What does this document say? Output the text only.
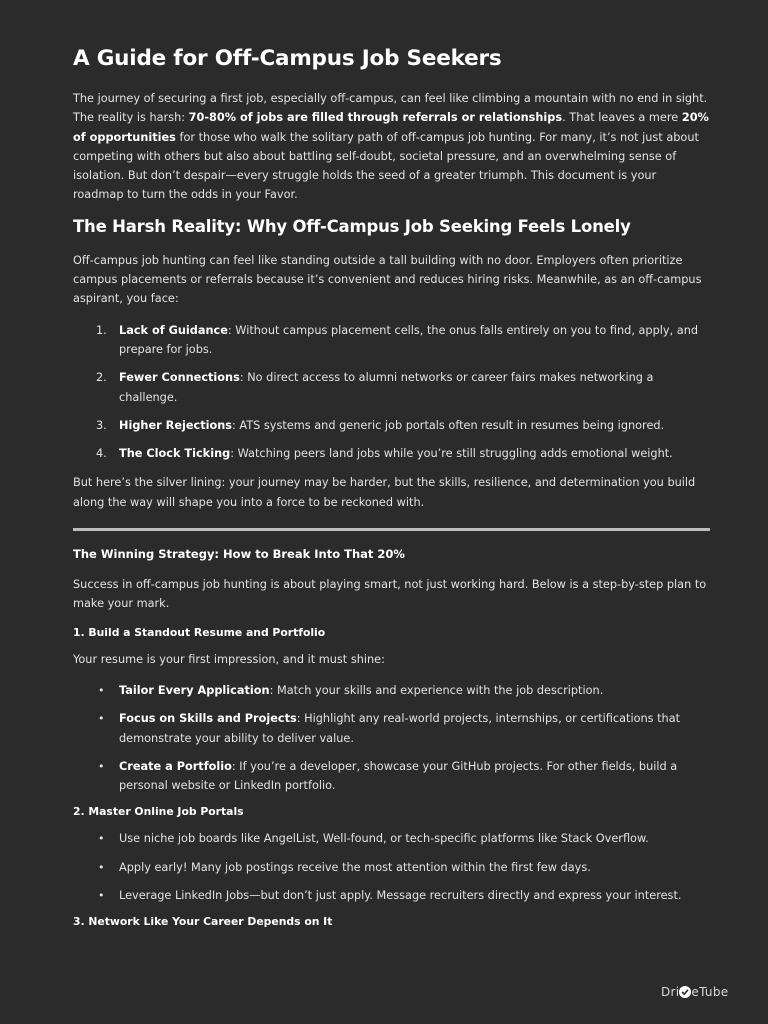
A Guide for Off-Campus Job Seekers

The journey of securing a first job, especially off-campus, can feel like climbing a mountain with no end in sight. The reality is harsh: 70-80% of jobs are filled through referrals or relationships. That leaves a mere 20% of opportunities for those who walk the solitary path of off-campus job hunting. For many, it’s not just about competing with others but also about battling self-doubt, societal pressure, and an overwhelming sense of isolation. But don’t despair—every struggle holds the seed of a greater triumph. This document is your roadmap to turn the odds in your Favor.

The Harsh Reality: Why Off-Campus Job Seeking Feels Lonely

Off-campus job hunting can feel like standing outside a tall building with no door. Employers often prioritize campus placements or referrals because it’s convenient and reduces hiring risks. Meanwhile, as an off-campus aspirant, you face:

1. Lack of Guidance: Without campus placement cells, the onus falls entirely on you to find, apply, and prepare for jobs.
2. Fewer Connections: No direct access to alumni networks or career fairs makes networking a challenge.
3. Higher Rejections: ATS systems and generic job portals often result in resumes being ignored.
4. The Clock Ticking: Watching peers land jobs while you’re still struggling adds emotional weight.

But here’s the silver lining: your journey may be harder, but the skills, resilience, and determination you build along the way will shape you into a force to be reckoned with.

The Winning Strategy: How to Break Into That 20%

Success in off-campus job hunting is about playing smart, not just working hard. Below is a step-by-step plan to make your mark.

1. Build a Standout Resume and Portfolio

Your resume is your first impression, and it must shine:

• Tailor Every Application: Match your skills and experience with the job description.
• Focus on Skills and Projects: Highlight any real-world projects, internships, or certifications that demonstrate your ability to deliver value.
• Create a Portfolio: If you’re a developer, showcase your GitHub projects. For other fields, build a personal website or LinkedIn portfolio.
2. Master Online Job Portals
• Use niche job boards like AngelList, Well-found, or tech-specific platforms like Stack Overflow.
• Apply early! Many job postings receive the most attention within the first few days.
• Leverage LinkedIn Jobs—but don’t just apply. Message recruiters directly and express your interest.
3. Network Like Your Career Depends on It
Dri eTube
